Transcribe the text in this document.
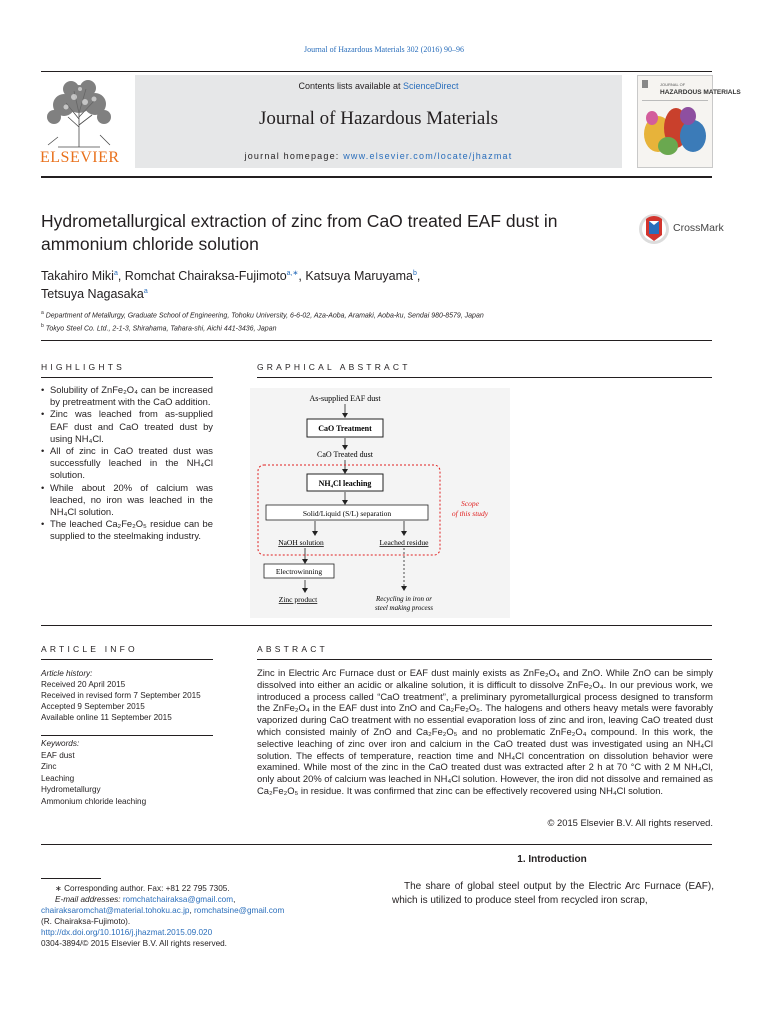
Journal of Hazardous Materials 302 (2016) 90–96
ELSEVIER
Contents lists available at ScienceDirect
Journal of Hazardous Materials
journal homepage: www.elsevier.com/locate/jhazmat
JOURNAL OF
HAZARDOUS MATERIALS
Hydrometallurgical extraction of zinc from CaO treated EAF dust in ammonium chloride solution
CrossMark
Takahiro Miki$^a$, Romchat Chairaksa-Fujimoto$^{a,∗}$, Katsuya Maruyama$^b$,
Tetsuya Nagasaka$^a$
$^a$ Department of Metallurgy, Graduate School of Engineering, Tohoku University, 6-6-02, Aza-Aoba, Aramaki, Aoba-ku, Sendai 980-8579, Japan
$^b$ Tokyo Steel Co. Ltd., 2-1-3, Shirahama, Tahara-shi, Aichi 441-3436, Japan
HIGHLIGHTS
• Solubility of ZnFe₂O₄ can be increased by pretreatment with the CaO addition.
• Zinc was leached from as-supplied EAF dust and CaO treated dust by using NH₄Cl.
• All of zinc in CaO treated dust was successfully leached in the NH₄Cl solution.
• While about 20% of calcium was leached, no iron was leached in the NH₄Cl solution.
• The leached Ca₂Fe₂O₅ residue can be supplied to the steelmaking industry.
GRAPHICAL ABSTRACT
As-supplied EAF dust
CaO Treatment
CaO Treated dust
NH₄Cl leaching
Solid/Liquid (S/L) separation
Scope
of this study
NaOH solution	Leached residue
Electrowinning
Zinc product	Recycling in iron or
steel making process
ARTICLE INFO
Article history:
Received 20 April 2015
Received in revised form 7 September 2015
Accepted 9 September 2015
Available online 11 September 2015
Keywords:
EAF dust
Zinc
Leaching
Hydrometallurgy
Ammonium chloride leaching
ABSTRACT
Zinc in Electric Arc Furnace dust or EAF dust mainly exists as ZnFe₂O₄ and ZnO. While ZnO can be simply dissolved into either an acidic or alkaline solution, it is difficult to dissolve ZnFe₂O₄. In our previous work, we introduced a process called “CaO treatment”, a preliminary pyrometallurgical process designed to transform the ZnFe₂O₄ in the EAF dust into ZnO and Ca₂Fe₂O₅. The halogens and others heavy metals were favorably vaporized during CaO treatment with no essential evaporation loss of zinc and iron, leaving CaO treated dust which consisted mainly of ZnO and Ca₂Fe₂O₅ and no problematic ZnFe₂O₄ compound. In this work, the selective leaching of zinc over iron and calcium in the CaO treated dust was investigated using an NH₄Cl solution. The effects of temperature, reaction time and NH₄Cl concentration on dissolution behavior were examined. While most of the zinc in the CaO treated dust was extracted after 2 h at 70 °C with 2 M NH₄Cl, only about 20% of calcium was leached in NH₄Cl solution. However, the iron did not dissolve and remained as Ca₂Fe₂O₅ in residue. It was confirmed that zinc can be effectively recovered using NH₄Cl solution.
© 2015 Elsevier B.V. All rights reserved.
1. Introduction
The share of global steel output by the Electric Arc Furnace (EAF), which is utilized to produce steel from recycled iron scrap,
∗ Corresponding author. Fax: +81 22 795 7305.
E-mail addresses: romchatchairaksa@gmail.com,
chairaksaromchat@material.tohoku.ac.jp, romchatsine@gmail.com
(R. Chairaksa-Fujimoto).
http://dx.doi.org/10.1016/j.jhazmat.2015.09.020
0304-3894/© 2015 Elsevier B.V. All rights reserved.
